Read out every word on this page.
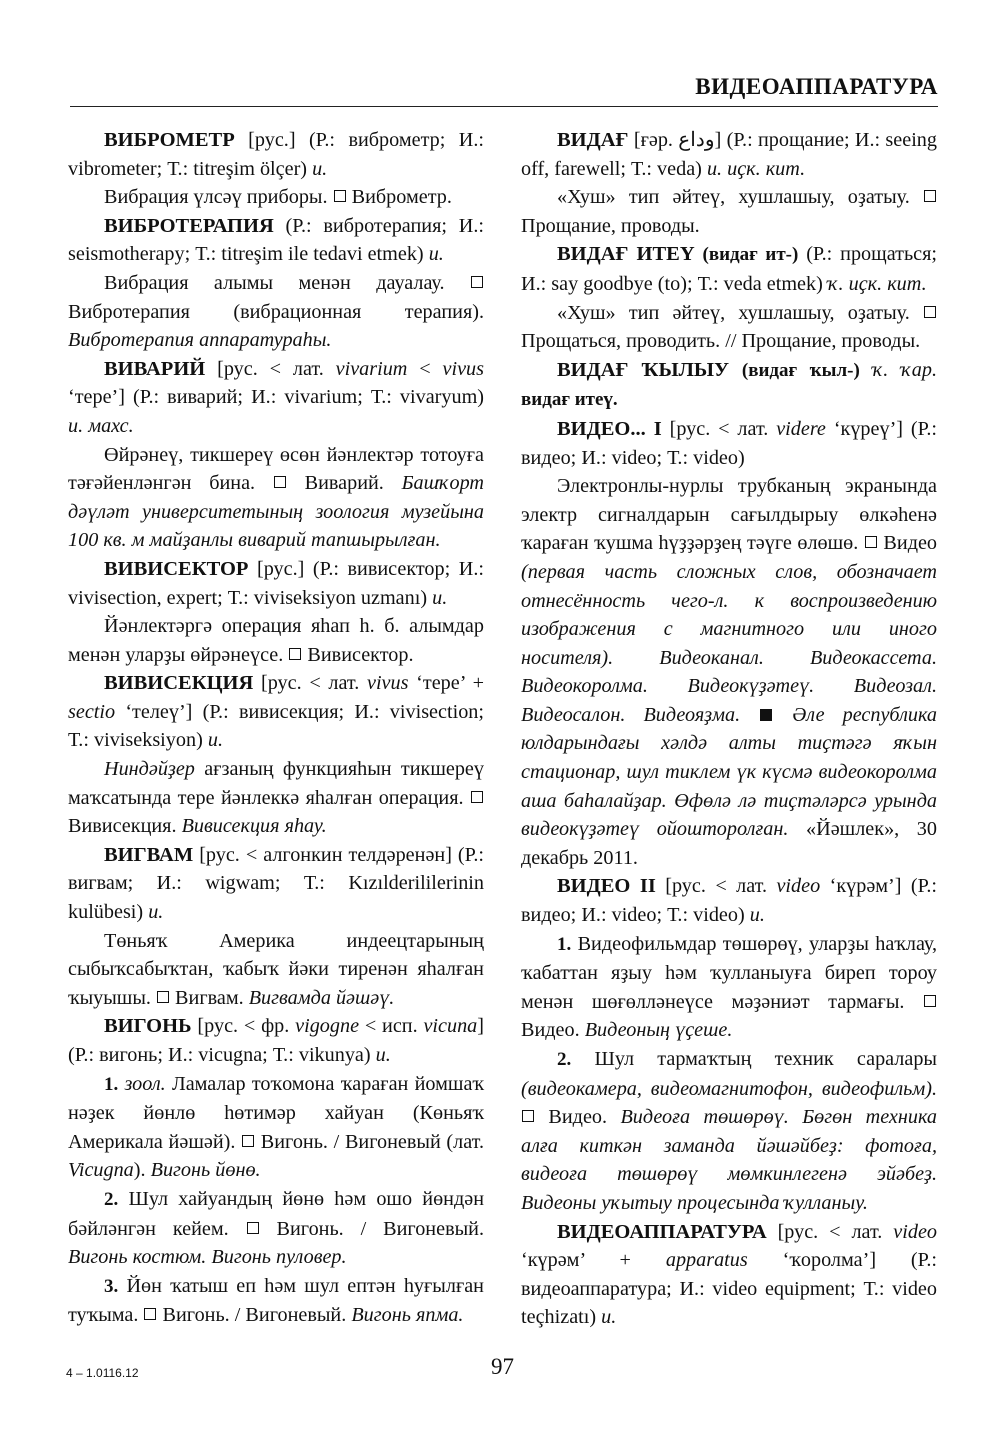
ВИДЕОАППАРАТУРА

ВИБРОМЕТР [рус.] (Р.: виброметр; И.: vibrometer; Т.: titreşim ölçer) и.

Вибрация үлсәү приборы. Виброметр.

ВИБРОТЕРАПИЯ (Р.: вибротерапия; И.: seismotherapy; Т.: titreşim ile tedavi etmek) и.

Вибрация алымы менән дауалау.  Вибротерапия (вибрационная терапия). Вибротерапия аппаратураһы.

ВИВАРИЙ [рус. < лат. vivarium < vivus ‘тере’] (Р.: виварий; И.: vivarium; Т.: vivaryum) и. махс.

Өйрәнеү, тикшереү өсөн йәнлектәр тотоуға тәғәйенләнгән бина. Виварий. Башҡорт дәүләт университетының зоология музейына 100 кв. м майҙанлы виварий тапшырылған.

ВИВИСЕКТОР [рус.] (Р.: вивисектор; И.: vivisection, expert; Т.: viviseksiyon uzmanı) и.

Йәнлектәргә операция яһап һ. б. алымдар менән уларҙы өйрәнеүсе. Вивисектор.

ВИВИСЕКЦИЯ [рус. < лат. vivus ‘тере’ + sectio ‘телеү’] (Р.: вивисекция; И.: vivisection; Т.: viviseksiyon) и.

Ниндәйҙер ағзаның функцияһын тикшереү маҡсатында тере йәнлеккә яһалған операция.  Вивисекция. Вивисекция яһау.

ВИГВАМ [рус. < алгонкин телдәренән] (Р.: вигвам; И.: wigwam; Т.: Kızılderililerinin kulübesi) и.

Төньяҡ Америка индеецтарының сыбыҡсабыҡтан, ҡабыҡ йәки тиренән яһалған ҡыуышы. Вигвам. Вигвамда йәшәү.

ВИГОНЬ [рус. < фр. vigogne < исп. vicuna] (Р.: вигонь; И.: vicugna; Т.: vikunya) и.

1. зоол. Ламалар тоҡомона ҡараған йомшаҡ нәҙек йөнлө һөтимәр хайуан (Көньяҡ Америкала йәшәй). Вигонь. / Вигоневый (лат. Vicugna). Вигонь йөнө.

2. Шул хайуандың йөнө һәм ошо йөндән бәйләнгән кейем. Вигонь. / Вигоневый. Вигонь костюм. Вигонь пуловер.

3. Йөн ҡатыш еп һәм шул ептән һуғылған туҡыма. Вигонь. / Вигоневый. Вигонь япма.

ВИДАҒ [ғәр. وداع] (Р.: прощание; И.: seeing off, farewell; Т.: veda) и. иҫк. кит.

«Хуш» тип әйтеү, хушлашыу, оҙатыу.  Прощание, проводы.

ВИДАҒ ИТЕҮ (видағ ит-) (Р.: прощаться; И.: say goodbye (to); Т.: veda etmek) ҡ. иҫк. кит.

«Хуш» тип әйтеү, хушлашыу, оҙатыу.  Прощаться, проводить. // Прощание, проводы.

ВИДАҒ ҠЫЛЫУ (видағ ҡыл-) ҡ. ҡар. видағ итеү.

ВИДЕО... I [рус. < лат. videre ‘күреү’] (Р.: видео; И.: video; Т.: video)

Электронлы-нурлы трубканың экранында электр сигналдарын сағылдырыу өлкәһенә ҡараған ҡушма һүҙҙәрҙең тәүге өлөшө. Видео (первая часть сложных слов, обозначает отнесённость чего-л. к воспроизведению изображения с магнитного или иного носителя). Видеоканал. Видеокассета. Видеокоролма. Видеокүҙәтеү. Видеозал. Видеосалон. Видеояҙма.	Әле республика юлдарындағы хәлдә алты тиҫтәгә яҡын стационар, шул тиклем үк күсмә видеокоролма аша баһалайҙар. Өфөлә лә тиҫтәләрсә урында видеокүҙәтеү ойошторолған. «Йәшлек», 30 декабрь 2011.

ВИДЕО II [рус. < лат. video ‘күрәм’] (Р.: видео; И.: video; Т.: video) и.

1. Видеофильмдар төшөрөү, уларҙы һаҡлау, ҡабаттан яҙыу һәм ҡулланыуға биреп тороу менән шөғөлләнеүсе мәҙәниәт тармағы.  Видео. Видеоның үҫеше.

2. Шул тармаҡтың техник саралары (видеокамера, видеомагнитофон, видеофильм).  Видео. Видеоға төшөрөү. Бөгөн техника алға киткән заманда йәшәйбеҙ: фотоға, видеоға төшөрөү мөмкинлегенә эйәбеҙ. Видеоны уҡытыу процесында ҡулланыу.

ВИДЕОАППАРАТУРА [рус. < лат. video ‘күрәм’ + apparatus ‘ҡоролма’] (Р.: видеоаппаратура; И.: video equipment; Т.: video teçhizatı) и.

4 – 1.0116.12	97
